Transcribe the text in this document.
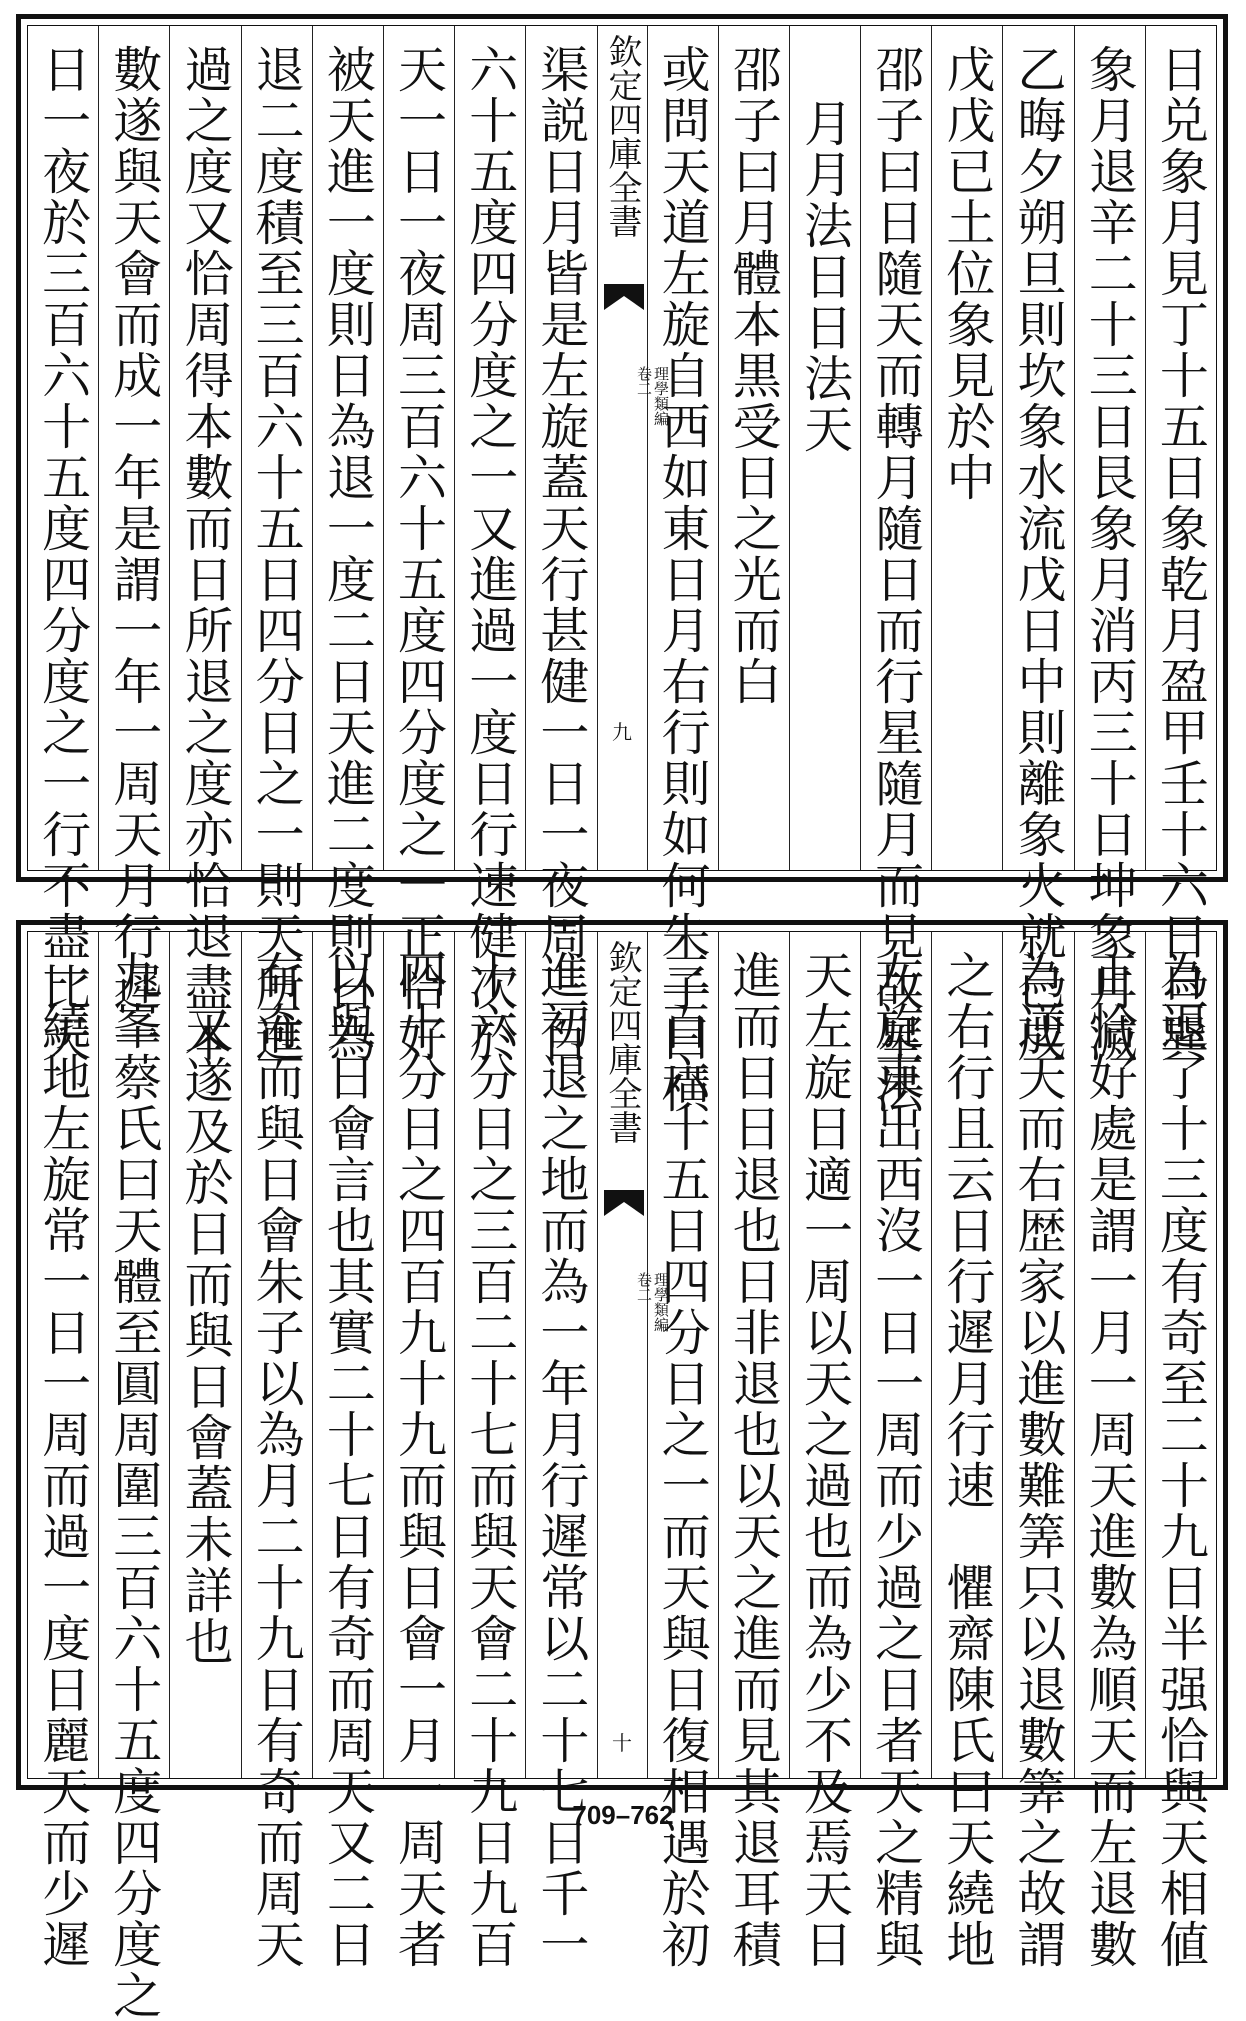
日兑象月見丁十五日象乾月盈甲壬十六日旦巽
象月退辛二十三日艮象月消丙三十日坤象月滅
乙晦夕朔旦則坎象水流戊日中則離象火就已成
戊戊已土位象見於中
邵子曰日隨天而轉月隨日而行星隨月而見故星法
月月法日日法天
邵子曰月體本黒受日之光而白
或問天道左旋自西如東日月右行則如何朱子曰横
欽定四庫全書
理學類編
卷二
九
渠説日月皆是左旋蓋天行甚健一日一夜周三百
六十五度四分度之一又進過一度日行速健次於
天一日一夜周三百六十五度四分度之一正恰好
被天進一度則日為退一度二日天進二度則日為
退二度積至三百六十五日四分日之一則天所進
過之度又恰周得本數而日所退之度亦恰退盡本
數遂與天會而成一年是謂一年一周天月行遲一
日一夜於三百六十五度四分度之一行不盡比天
為退了十三度有奇至二十九日半强恰與天相値
正恰好處是謂一月一周天進數為順天而左退數
為逆天而右歴家以進數難筭只以退數筭之故謂
之右行且云日行遲月行速　懼齋陳氏曰天繞地
左旋東出西沒一日一周而少過之日者天之精與
天左旋日適一周以天之過也而為少不及焉天日
進而日日退也日非退也以天之進而見其退耳積
三百六十五日四分日之一而天與日復相遇於初
欽定四庫全書
理學類編
卷二
十
進初退之地而為一年月行遲常以二十七日千一
十六分日之三百二十七而與天會二十九日九百
四十分日之四百九十九而與日會一月一周天者
以與日會言也其實二十七日有奇而周天又二日
有奇而與日會朱子以為月二十九日有奇而周天
又遂及於日而與日會蓋未詳也
九峯蔡氏曰天體至圓周圍三百六十五度四分度之
一繞地左旋常一日一周而過一度日麗天而少遲	709–762
